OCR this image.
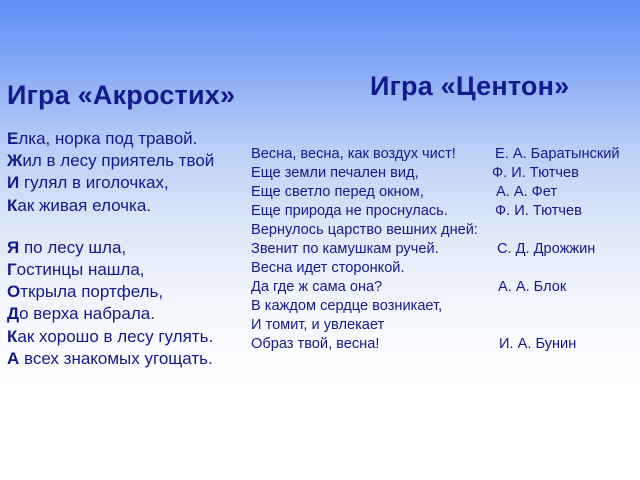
Игра «Акростих»
Елка, норка под травой.
Жил в лесу приятель твой
И гулял в иголочках,
Как живая елочка.
Я по лесу шла,
Гостинцы нашла,
Открыла портфель,
До верха набрала.
Как хорошо в лесу гулять.
А всех знакомых угощать.
Игра «Центон»
Весна, весна, как воздух чист!	Е. А. Баратынский
Еще земли печален вид,	Ф. И. Тютчев
Еще светло перед окном,	А. А. Фет
Еще природа не проснулась.	Ф. И. Тютчев
Вернулось царство вешних дней:
Звенит по камушкам ручей.	С. Д. Дрожжин
Весна идет сторонкой.
Да где ж сама она?	А. А. Блок
В каждом сердце возникает,
И томит, и увлекает
Образ твой, весна!	И. А. Бунин
